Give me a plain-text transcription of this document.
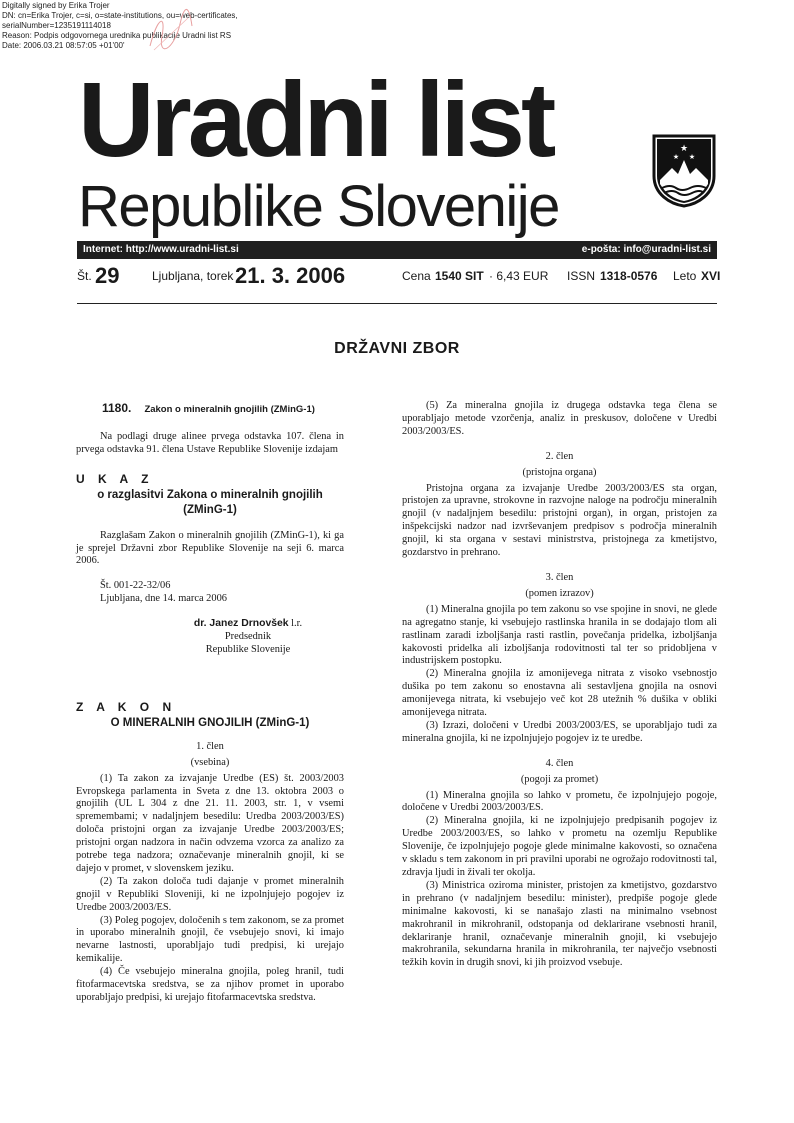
Digitally signed by Erika Trojer
DN: cn=Erika Trojer, c=si, o=state-institutions, ou=web-certificates,
serialNumber=1235191114018
Reason: Podpis odgovornega urednika publikacije Uradni list RS
Date: 2006.03.21 08:57:05 +01'00'
Uradni list
Republike Slovenije
★
★ ★
Internet: http://www.uradni-list.si	e-pošta: info@uradni-list.si
Št. 29	Ljubljana, torek 21. 3. 2006	Cena 1540 SIT · 6,43 EUR ISSN 1318-0576 Leto XVI
DRŽAVNI ZBOR
1180. Zakon o mineralnih gnojilih (ZMinG-1)

Na podlagi druge alinee prvega odstavka 107. člena in prvega odstavka 91. člena Ustave Republike Slovenije izdajam

U K A Z

o razglasitvi Zakona o mineralnih gnojilih (ZMinG-1)

Razglašam Zakon o mineralnih gnojilih (ZMinG-1), ki ga je sprejel Državni zbor Republike Slovenije na seji 6. marca 2006.

Št. 001-22-32/06

Ljubljana, dne 14. marca 2006

dr. Janez Drnovšek l.r.

Predsednik

Republike Slovenije

Z A K O N

O MINERALNIH GNOJILIH (ZMinG-1)

1. člen

(vsebina)

(1) Ta zakon za izvajanje Uredbe (ES) št. 2003/2003 Evropskega parlamenta in Sveta z dne 13. oktobra 2003 o gnojilih (UL L 304 z dne 21. 11. 2003, str. 1, v vsemi spremembami; v nadaljnjem besedilu: Uredba 2003/2003/ES) določa pristojni organ za izvajanje Uredbe 2003/2003/ES; pristojni organ nadzora in način odvzema vzorca za analizo za potrebe tega nadzora; označevanje mineralnih gnojil, ki se dajejo v promet, v slovenskem jeziku.

(2) Ta zakon določa tudi dajanje v promet mineralnih gnojil v Republiki Sloveniji, ki ne izpolnjujejo pogojev iz Uredbe 2003/2003/ES.

(3) Poleg pogojev, določenih s tem zakonom, se za promet in uporabo mineralnih gnojil, če vsebujejo snovi, ki imajo nevarne lastnosti, uporabljajo tudi predpisi, ki urejajo kemikalije.

(4) Če vsebujejo mineralna gnojila, poleg hranil, tudi fitofarmacevtska sredstva, se za njihov promet in uporabo uporabljajo predpisi, ki urejajo fitofarmacevtska sredstva.

(5) Za mineralna gnojila iz drugega odstavka tega člena se uporabljajo metode vzorčenja, analiz in preskusov, določene v Uredbi 2003/2003/ES.

2. člen

(pristojna organa)

Pristojna organa za izvajanje Uredbe 2003/2003/ES sta organ, pristojen za upravne, strokovne in razvojne naloge na področju mineralnih gnojil (v nadaljnjem besedilu: pristojni organ), in organ, pristojen za inšpekcijski nadzor nad izvrševanjem predpisov s področja mineralnih gnojil, ki sta organa v sestavi ministrstva, pristojnega za kmetijstvo, gozdarstvo in prehrano.

3. člen

(pomen izrazov)

(1) Mineralna gnojila po tem zakonu so vse spojine in snovi, ne glede na agregatno stanje, ki vsebujejo rastlinska hranila in se dodajajo tlom ali rastlinam zaradi izboljšanja rasti rastlin, povečanja pridelka, izboljšanja kakovosti pridelka ali izboljšanja rodovitnosti tal ter so pridobljena v industrijskem postopku.

(2) Mineralna gnojila iz amonijevega nitrata z visoko vsebnostjo dušika po tem zakonu so enostavna ali sestavljena gnojila na osnovi amonijevega nitrata, ki vsebujejo več kot 28 utežnih % dušika v obliki amonijevega nitrata.

(3) Izrazi, določeni v Uredbi 2003/2003/ES, se uporabljajo tudi za mineralna gnojila, ki ne izpolnjujejo pogojev iz te uredbe.

4. člen

(pogoji za promet)

(1) Mineralna gnojila so lahko v prometu, če izpolnjujejo pogoje, določene v Uredbi 2003/2003/ES.

(2) Mineralna gnojila, ki ne izpolnjujejo predpisanih pogojev iz Uredbe 2003/2003/ES, so lahko v prometu na ozemlju Republike Slovenije, če izpolnjujejo pogoje glede minimalne kakovosti, so označena v skladu s tem zakonom in pri pravilni uporabi ne ogrožajo rodovitnosti tal, zdravja ljudi in živali ter okolja.

(3) Ministrica oziroma minister, pristojen za kmetijstvo, gozdarstvo in prehrano (v nadaljnjem besedilu: minister), predpiše pogoje glede minimalne kakovosti, ki se nanašajo zlasti na minimalno vsebnost makrohranil in mikrohranil, odstopanja od deklarirane vsebnosti hranil, deklariranje hranil, označevanje mineralnih gnojil, ki vsebujejo makrohranila, sekundarna hranila in mikrohranila, ter največjo vsebnosti težkih kovin in drugih snovi, ki jih proizvod vsebuje.
